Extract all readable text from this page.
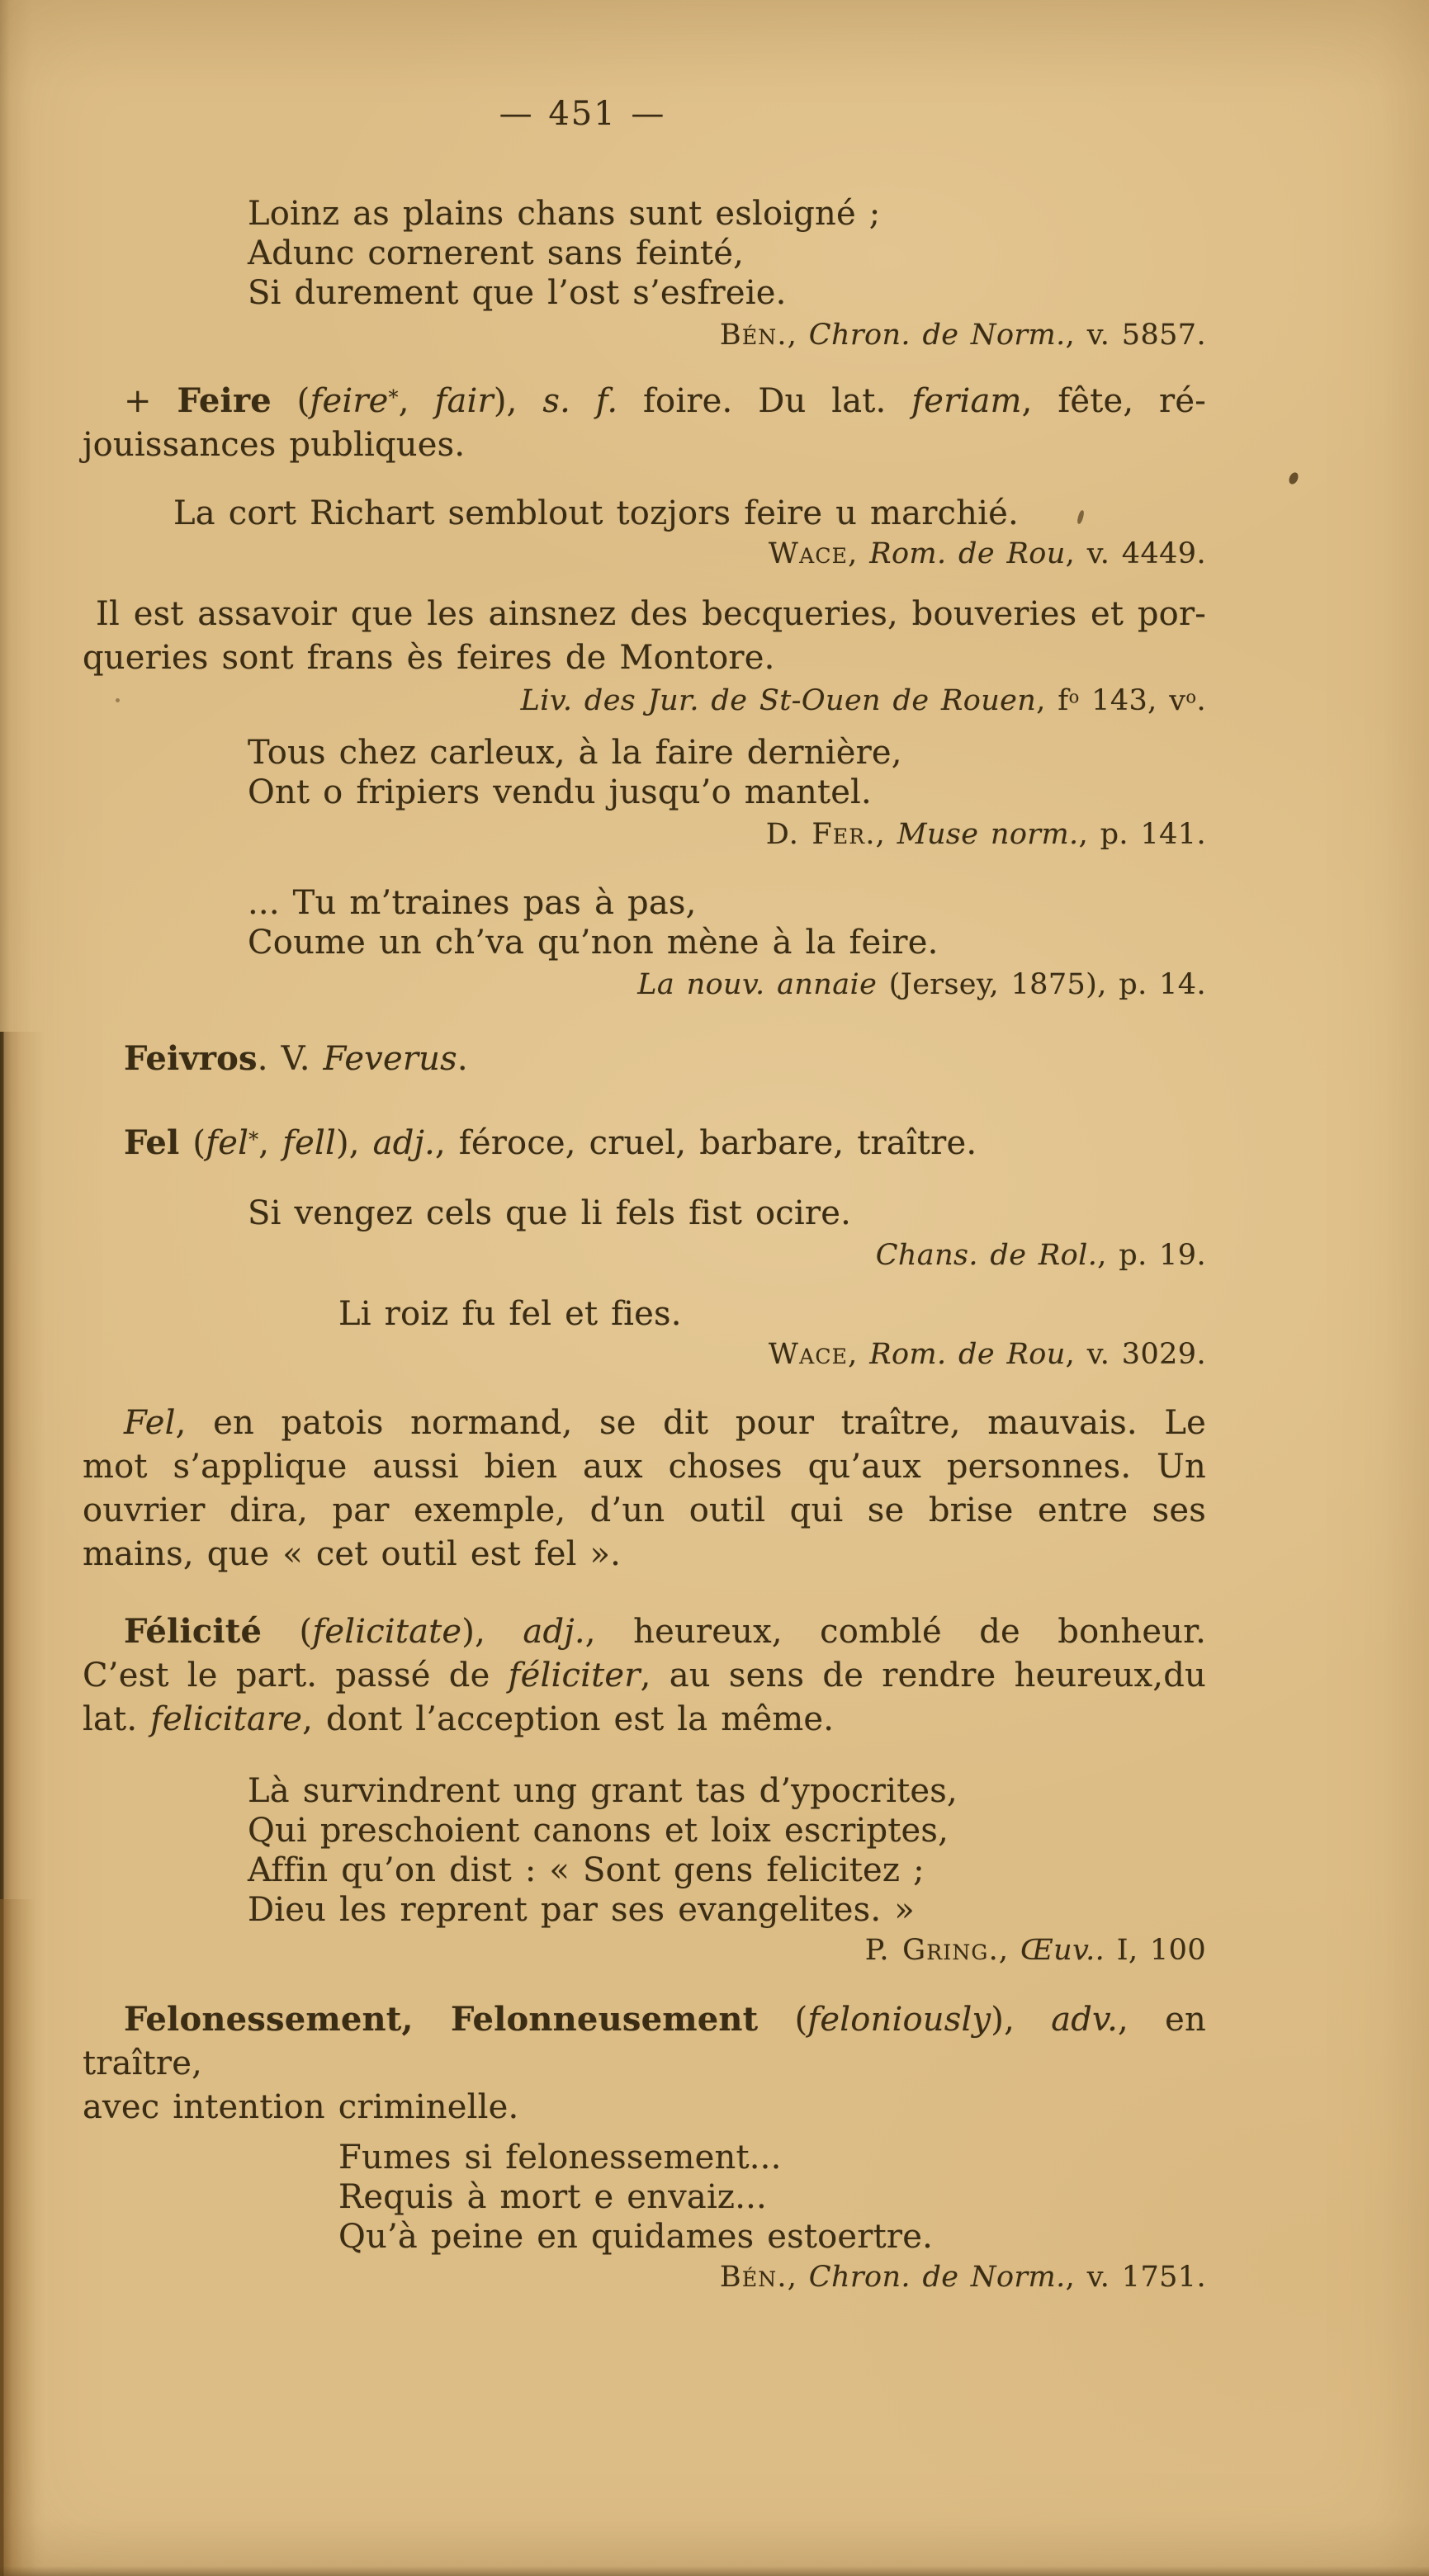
— 451 —
Loinz as plains chans sunt esloigné ;
Adunc cornerent sans feinté,
Si durement que l’ost s’esfreie.
Bén., Chron. de Norm., v. 5857.
+ Feire (feire*, fair), s. f. foire. Du lat. feriam, fête, ré-
jouissances publiques.
La cort Richart semblout tozjors feire u marchié.
Wace, Rom. de Rou, v. 4449.
Il est assavoir que les ainsnez des becqueries, bouveries et por-
queries sont frans ès feires de Montore.
Liv. des Jur. de St-Ouen de Rouen, $f^o$ 143, $v^o$.
Tous chez carleux, à la faire dernière,
Ont o fripiers vendu jusqu’o mantel.
D. Fer., Muse norm., p. 141.
... Tu m’traines pas à pas,
Coume un ch’va qu’non mène à la feire.
La nouv. annaie (Jersey, 1875), p. 14.
Feivros. V. Feverus.
Fel (fel*, fell), adj., féroce, cruel, barbare, traître.
Si vengez cels que li fels fist ocire.
Chans. de Rol., p. 19.
Li roiz fu fel et fies.
Wace, Rom. de Rou, v. 3029.
Fel, en patois normand, se dit pour traître, mauvais. Le
mot s’applique aussi bien aux choses qu’aux personnes. Un
ouvrier dira, par exemple, d’un outil qui se brise entre ses
mains, que « cet outil est fel ».
Félicité (felicitate), adj., heureux, comblé de bonheur.
C’est le part. passé de féliciter, au sens de rendre heureux,du
lat. felicitare, dont l’acception est la même.
Là survindrent ung grant tas d’ypocrites,
Qui preschoient canons et loix escriptes,
Affin qu’on dist : « Sont gens felicitez ;
Dieu les reprent par ses evangelites. »
P. Gring., Œuv.. I, 100
Felonessement, Felonneusement (feloniously), adv., en traître,
avec intention criminelle.
Fumes si felonessement...
Requis à mort e envaiz...
Qu’à peine en quidames estoertre.
Bén., Chron. de Norm., v. 1751.
